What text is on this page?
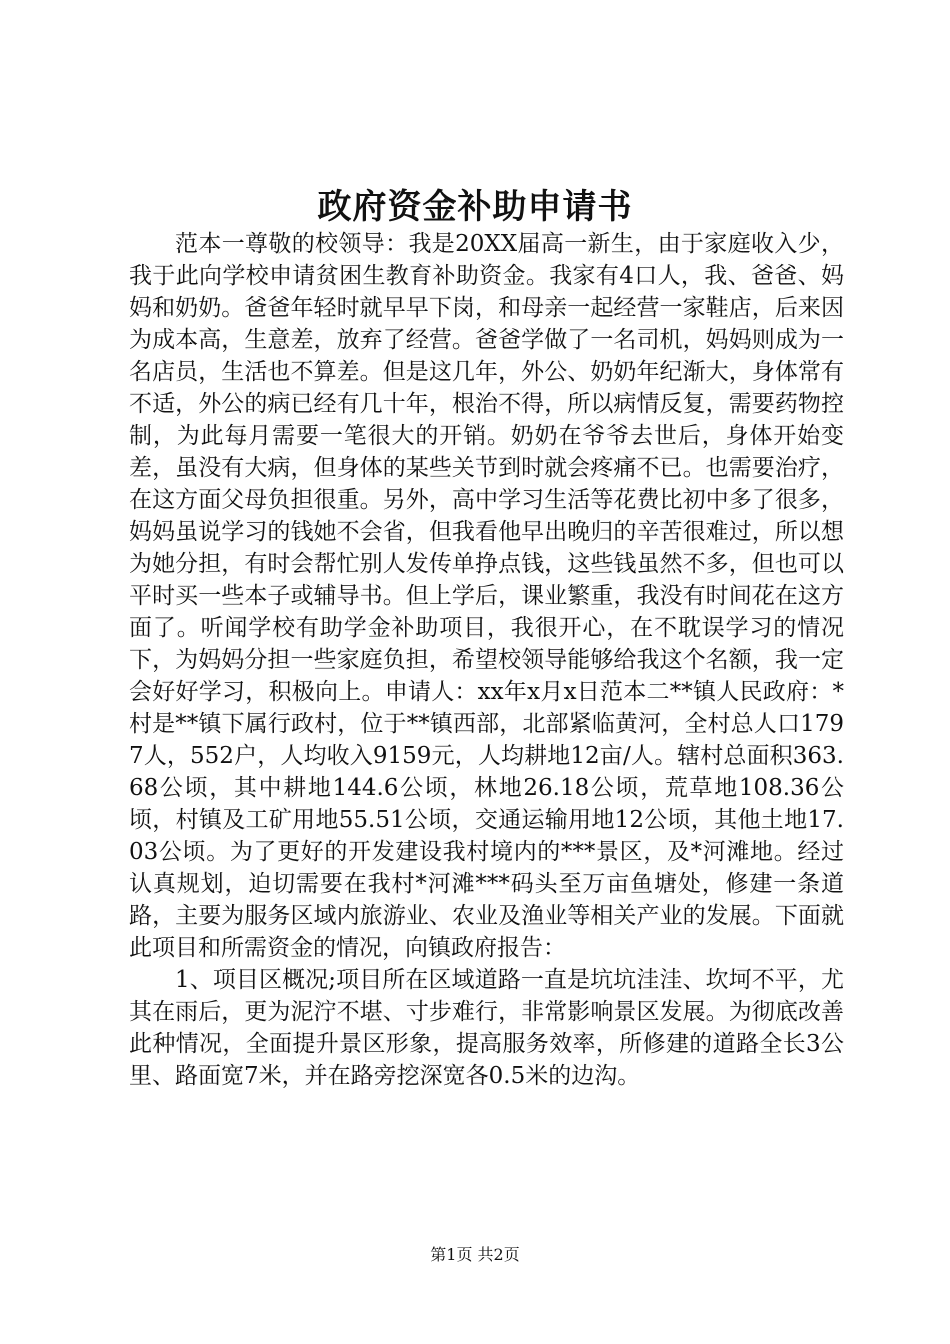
政府资金补助申请书

范本一尊敬的校领导：我是20XX届高一新生，由于家庭收入少，我于此向学校申请贫困生教育补助资金。我家有4口人，我、爸爸、妈妈和奶奶。爸爸年轻时就早早下岗，和母亲一起经营一家鞋店，后来因为成本高，生意差，放弃了经营。爸爸学做了一名司机，妈妈则成为一名店员，生活也不算差。但是这几年，外公、奶奶年纪渐大，身体常有不适，外公的病已经有几十年，根治不得，所以病情反复，需要药物控制，为此每月需要一笔很大的开销。奶奶在爷爷去世后，身体开始变差，虽没有大病，但身体的某些关节到时就会疼痛不已。也需要治疗，在这方面父母负担很重。另外，高中学习生活等花费比初中多了很多，妈妈虽说学习的钱她不会省，但我看他早出晚归的辛苦很难过，所以想为她分担，有时会帮忙别人发传单挣点钱，这些钱虽然不多，但也可以平时买一些本子或辅导书。但上学后，课业繁重，我没有时间花在这方面了。听闻学校有助学金补助项目，我很开心，在不耽误学习的情况下，为妈妈分担一些家庭负担，希望校领导能够给我这个名额，我一定会好好学习，积极向上。申请人：xx年x月x日范本二**镇人民政府：*村是**镇下属行政村，位于**镇西部，北部紧临黄河，全村总人口1797人，552户，人均收入9159元，人均耕地12亩/人。辖村总面积363.68公顷，其中耕地144.6公顷，林地26.18公顷，荒草地108.36公顷，村镇及工矿用地55.51公顷，交通运输用地12公顷，其他土地17.03公顷。为了更好的开发建设我村境内的***景区，及*河滩地。经过认真规划，迫切需要在我村*河滩***码头至万亩鱼塘处，修建一条道路，主要为服务区域内旅游业、农业及渔业等相关产业的发展。下面就此项目和所需资金的情况，向镇政府报告：

1、项目区概况;项目所在区域道路一直是坑坑洼洼、坎坷不平，尤其在雨后，更为泥泞不堪、寸步难行，非常影响景区发展。为彻底改善此种情况，全面提升景区形象，提高服务效率，所修建的道路全长3公里、路面宽7米，并在路旁挖深宽各0.5米的边沟。

第1页 共2页
